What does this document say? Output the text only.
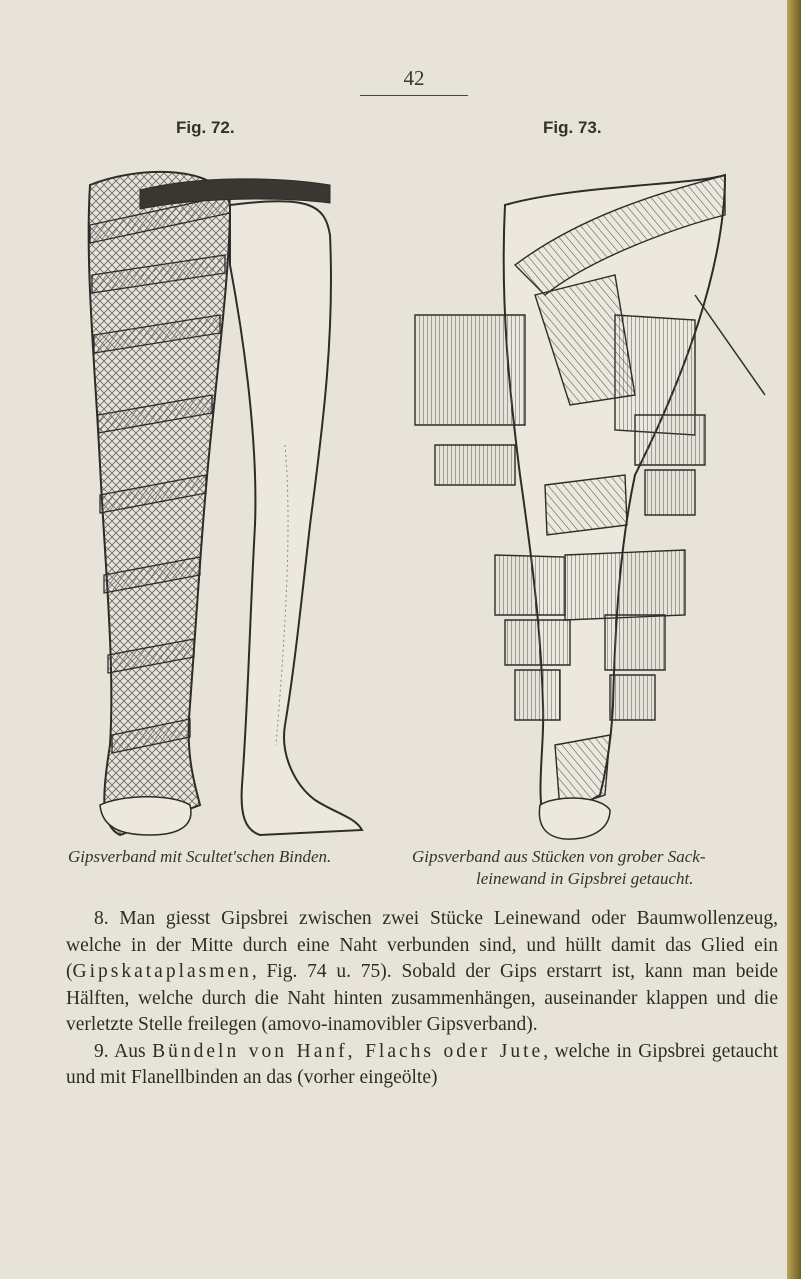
42
Fig. 72.	Fig. 73.
Gipsverband mit Scultet'schen Binden.	Gipsverband aus Stücken von grober Sack-
leinewand in Gipsbrei getaucht.

8. Man giesst Gipsbrei zwischen zwei Stücke Leinewand oder Baumwollenzeug, welche in der Mitte durch eine Naht verbunden sind, und hüllt damit das Glied ein (Gipskataplasmen, Fig. 74 u. 75). Sobald der Gips erstarrt ist, kann man beide Hälften, welche durch die Naht hinten zusammenhängen, auseinander klappen und die verletzte Stelle freilegen (amovo-inamovibler Gipsverband).

9. Aus Bündeln von Hanf, Flachs oder Jute, welche in Gipsbrei getaucht und mit Flanellbinden an das (vorher eingeölte)
